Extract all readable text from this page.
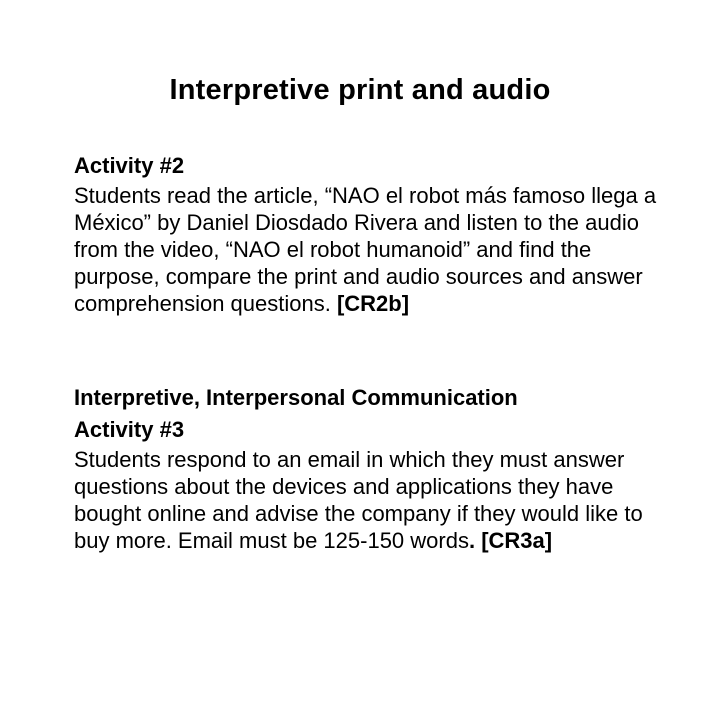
Interpretive print and audio
Activity #2
Students read the article, “NAO el robot más famoso llega a México” by Daniel Diosdado Rivera and listen to the audio from the video, “NAO el robot humanoid” and find the purpose, compare the print and audio sources and answer comprehension questions. [CR2b]
Interpretive, Interpersonal Communication
Activity #3
Students respond to an email in which they must answer questions about the devices and applications they have bought online and advise the company if they would like to buy more. Email must be 125-150 words. [CR3a]
